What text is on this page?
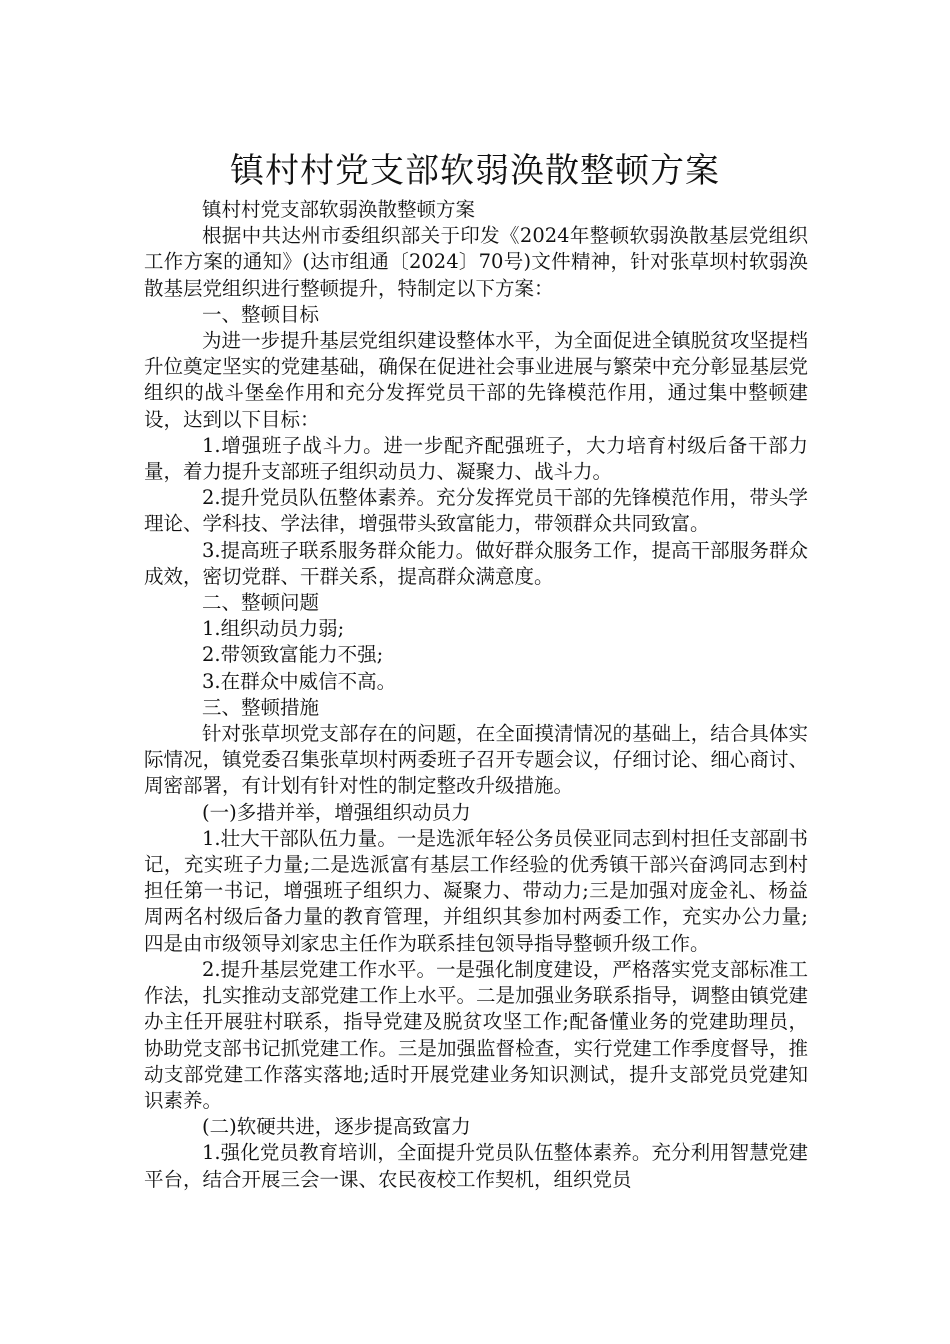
镇村村党支部软弱涣散整顿方案

镇村村党支部软弱涣散整顿方案

根据中共达州市委组织部关于印发《2024年整顿软弱涣散基层党组织工作方案的通知》(达市组通〔2024〕70号)文件精神，针对张草坝村软弱涣散基层党组织进行整顿提升，特制定以下方案：

一、整顿目标

为进一步提升基层党组织建设整体水平，为全面促进全镇脱贫攻坚提档升位奠定坚实的党建基础，确保在促进社会事业进展与繁荣中充分彰显基层党组织的战斗堡垒作用和充分发挥党员干部的先锋模范作用，通过集中整顿建设，达到以下目标：

1.增强班子战斗力。进一步配齐配强班子，大力培育村级后备干部力量，着力提升支部班子组织动员力、凝聚力、战斗力。

2.提升党员队伍整体素养。充分发挥党员干部的先锋模范作用，带头学理论、学科技、学法律，增强带头致富能力，带领群众共同致富。

3.提高班子联系服务群众能力。做好群众服务工作，提高干部服务群众成效，密切党群、干群关系，提高群众满意度。

二、整顿问题

1.组织动员力弱;

2.带领致富能力不强;

3.在群众中威信不高。

三、整顿措施

针对张草坝党支部存在的问题，在全面摸清情况的基础上，结合具体实际情况，镇党委召集张草坝村两委班子召开专题会议，仔细讨论、细心商讨、周密部署，有计划有针对性的制定整改升级措施。

(一)多措并举，增强组织动员力

1.壮大干部队伍力量。一是选派年轻公务员侯亚同志到村担任支部副书记，充实班子力量;二是选派富有基层工作经验的优秀镇干部兴奋鸿同志到村担任第一书记，增强班子组织力、凝聚力、带动力;三是加强对庞金礼、杨益周两名村级后备力量的教育管理，并组织其参加村两委工作，充实办公力量;四是由市级领导刘家忠主任作为联系挂包领导指导整顿升级工作。

2.提升基层党建工作水平。一是强化制度建设，严格落实党支部标准工作法，扎实推动支部党建工作上水平。二是加强业务联系指导，调整由镇党建办主任开展驻村联系，指导党建及脱贫攻坚工作;配备懂业务的党建助理员，协助党支部书记抓党建工作。三是加强监督检查，实行党建工作季度督导，推动支部党建工作落实落地;适时开展党建业务知识测试，提升支部党员党建知识素养。

(二)软硬共进，逐步提高致富力

1.强化党员教育培训，全面提升党员队伍整体素养。充分利用智慧党建平台，结合开展三会一课、农民夜校工作契机，组织党员
